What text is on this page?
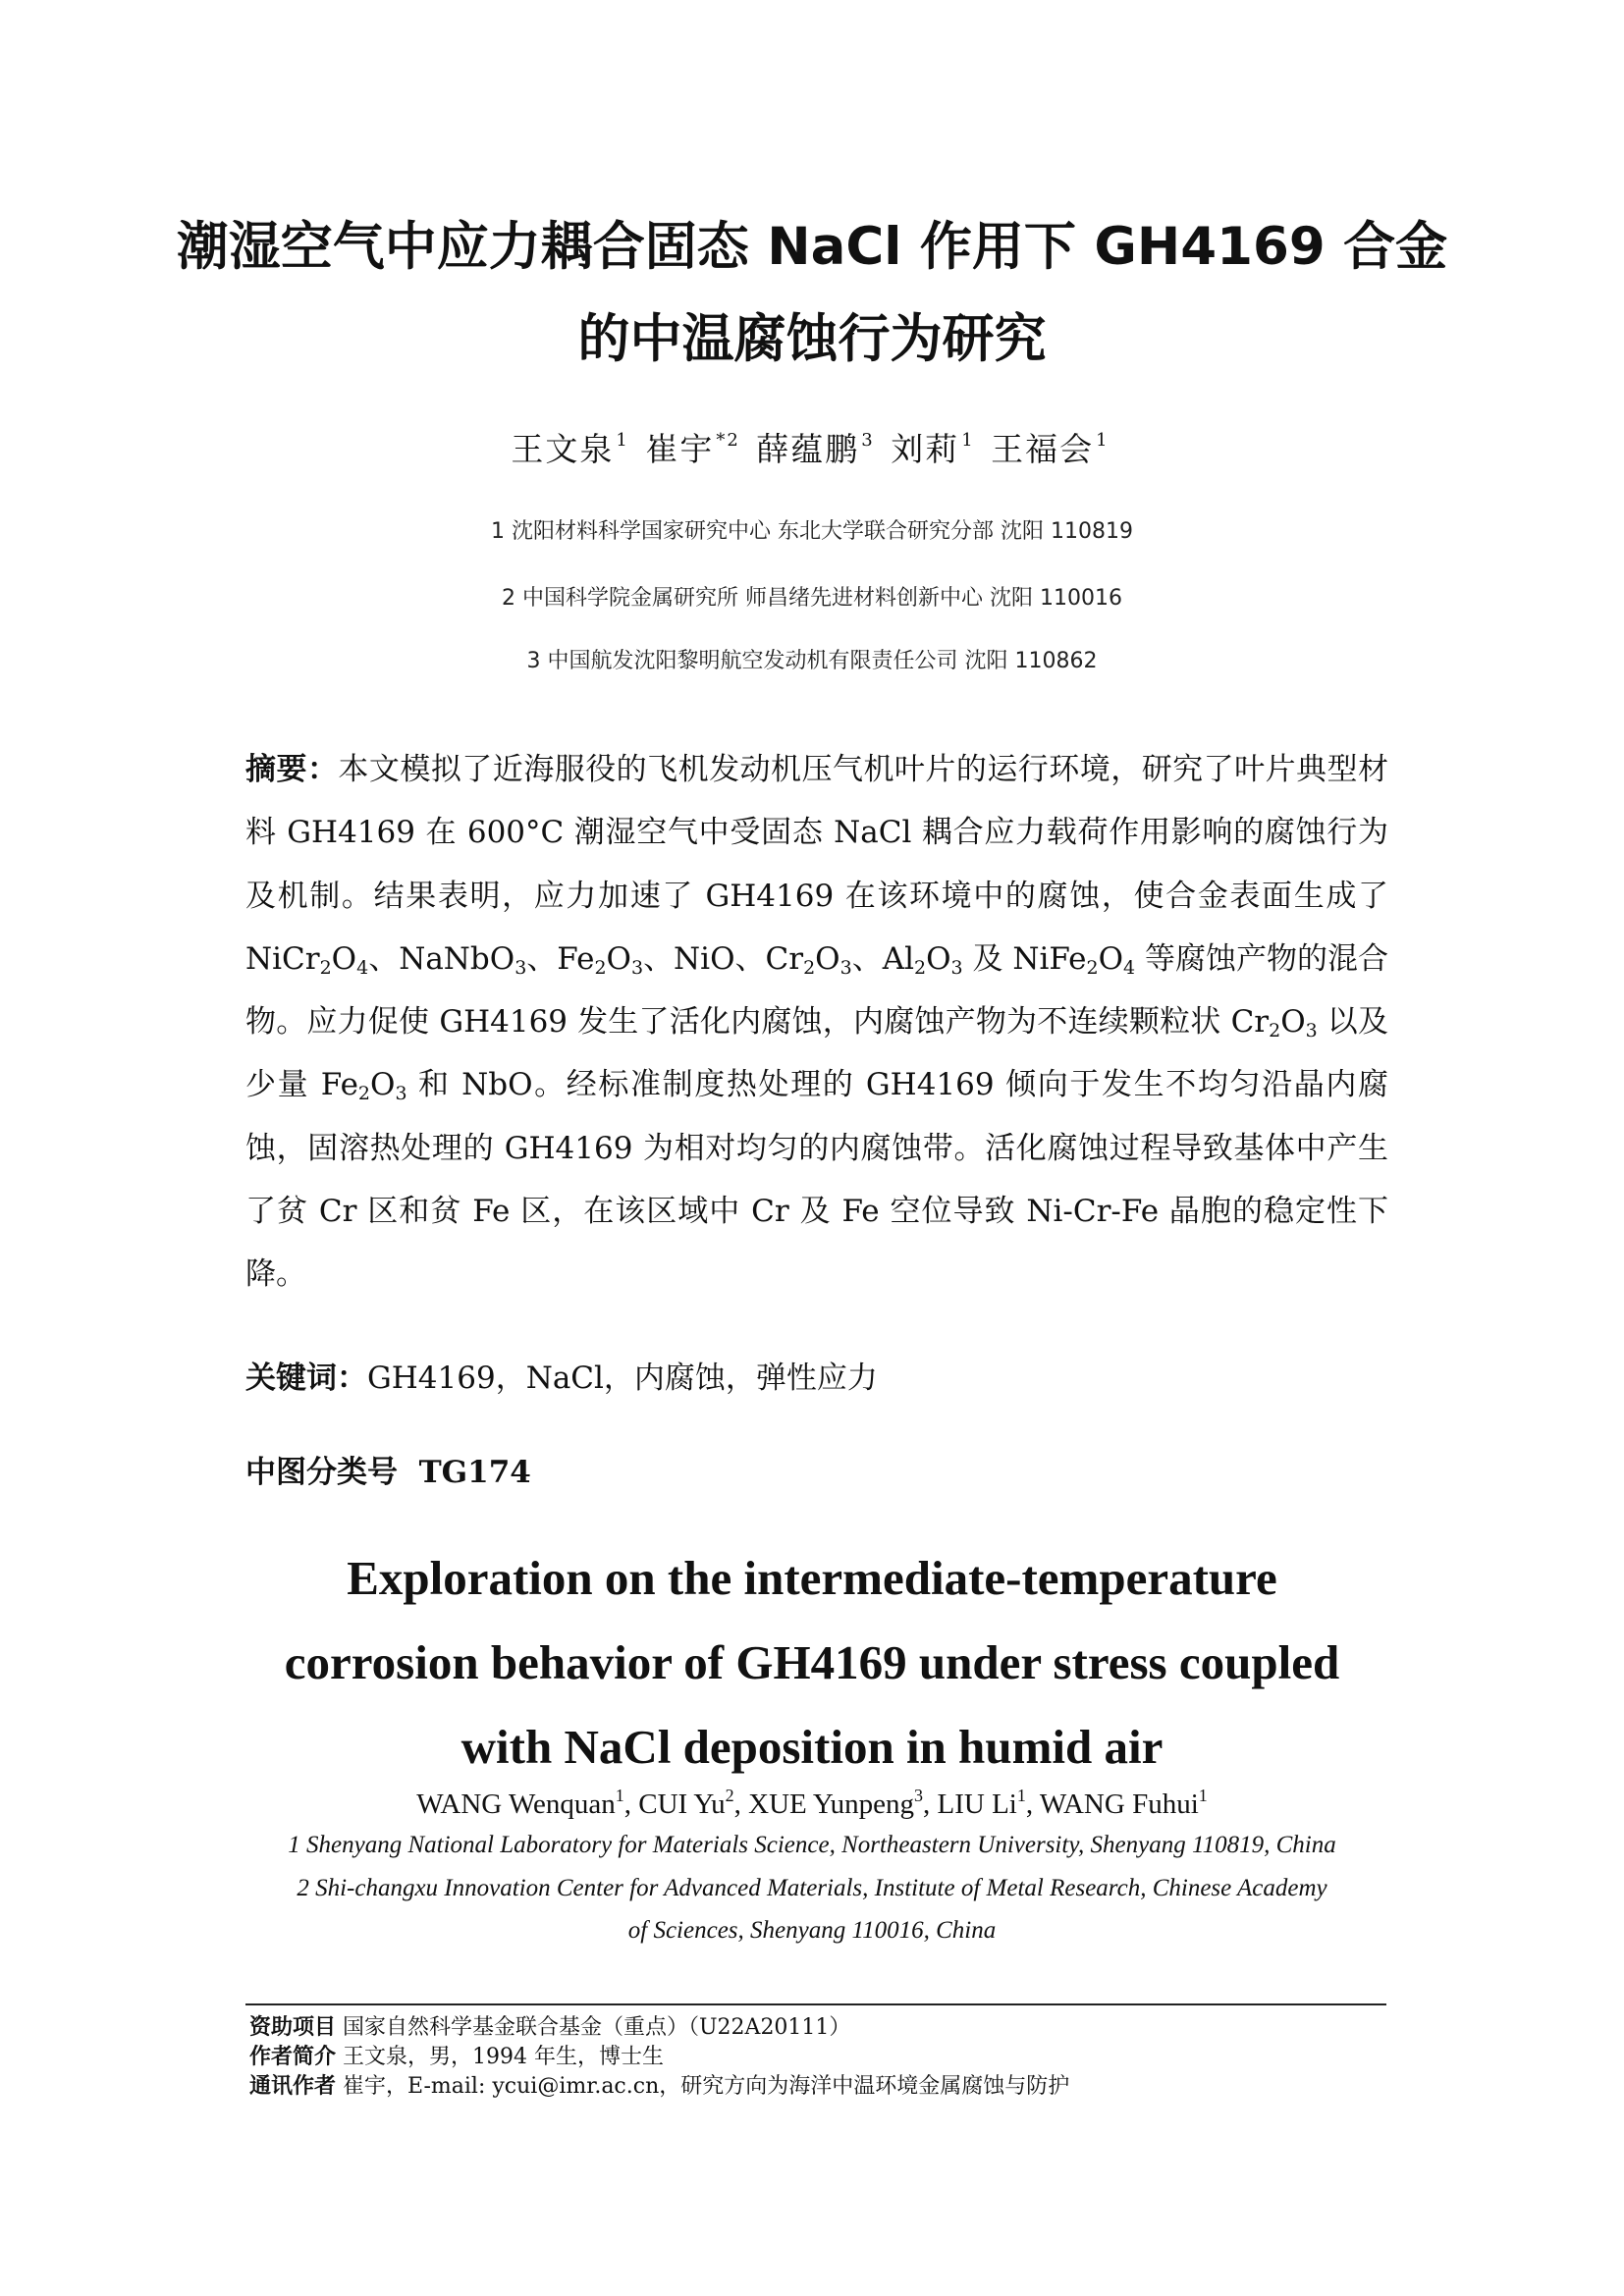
潮湿空气中应力耦合固态 NaCl 作用下 GH4169 合金
的中温腐蚀行为研究
王文泉 $^1$ 崔宇 $^{*2}$ 薛蕴鹏 $^3$ 刘莉 $^1$ 王福会 $^1$
1 沈阳材料科学国家研究中心 东北大学联合研究分部 沈阳 110819
2 中国科学院金属研究所 师昌绪先进材料创新中心 沈阳 110016
3 中国航发沈阳黎明航空发动机有限责任公司 沈阳 110862
摘要：本文模拟了近海服役的飞机发动机压气机叶片的运行环境，研究了叶片典型材料 GH4169 在 600°C 潮湿空气中受固态 NaCl 耦合应力载荷作用影响的腐蚀行为及机制。结果表明，应力加速了 GH4169 在该环境中的腐蚀，使合金表面生成了 $NiCr_2O_4$、NaNbO$_3$、$Fe_2O_3$、NiO、$Cr_2O_3$、$Al_2O_3$ 及 $NiFe_2O_4$ 等腐蚀产物的混合物。应力促使 GH4169 发生了活化内腐蚀，内腐蚀产物为不连续颗粒状 $Cr_2O_3$ 以及少量 $Fe_2O_3$ 和 NbO。经标准制度热处理的 GH4169 倾向于发生不均匀沿晶内腐蚀，固溶热处理的 GH4169 为相对均匀的内腐蚀带。活化腐蚀过程导致基体中产生了贫 Cr 区和贫 Fe 区，在该区域中 Cr 及 Fe 空位导致 Ni-Cr-Fe 晶胞的稳定性下降。
关键词：GH4169，NaCl，内腐蚀，弹性应力
中图分类号 TG174
Exploration on the intermediate-temperature
corrosion behavior of GH4169 under stress coupled
with NaCl deposition in humid air
WANG Wenquan$^1$, CUI Yu$^2$, XUE Yunpeng$^3$, LIU Li$^1$, WANG Fuhui$^1$
1 Shenyang National Laboratory for Materials Science, Northeastern University, Shenyang 110819, China
2 Shi-changxu Innovation Center for Advanced Materials, Institute of Metal Research, Chinese Academy
of Sciences, Shenyang 110016, China
资助项目 国家自然科学基金联合基金（重点）（U22A20111）
作者简介 王文泉，男，1994 年生，博士生
通讯作者 崔宇，E-mail: ycui@imr.ac.cn，研究方向为海洋中温环境金属腐蚀与防护
